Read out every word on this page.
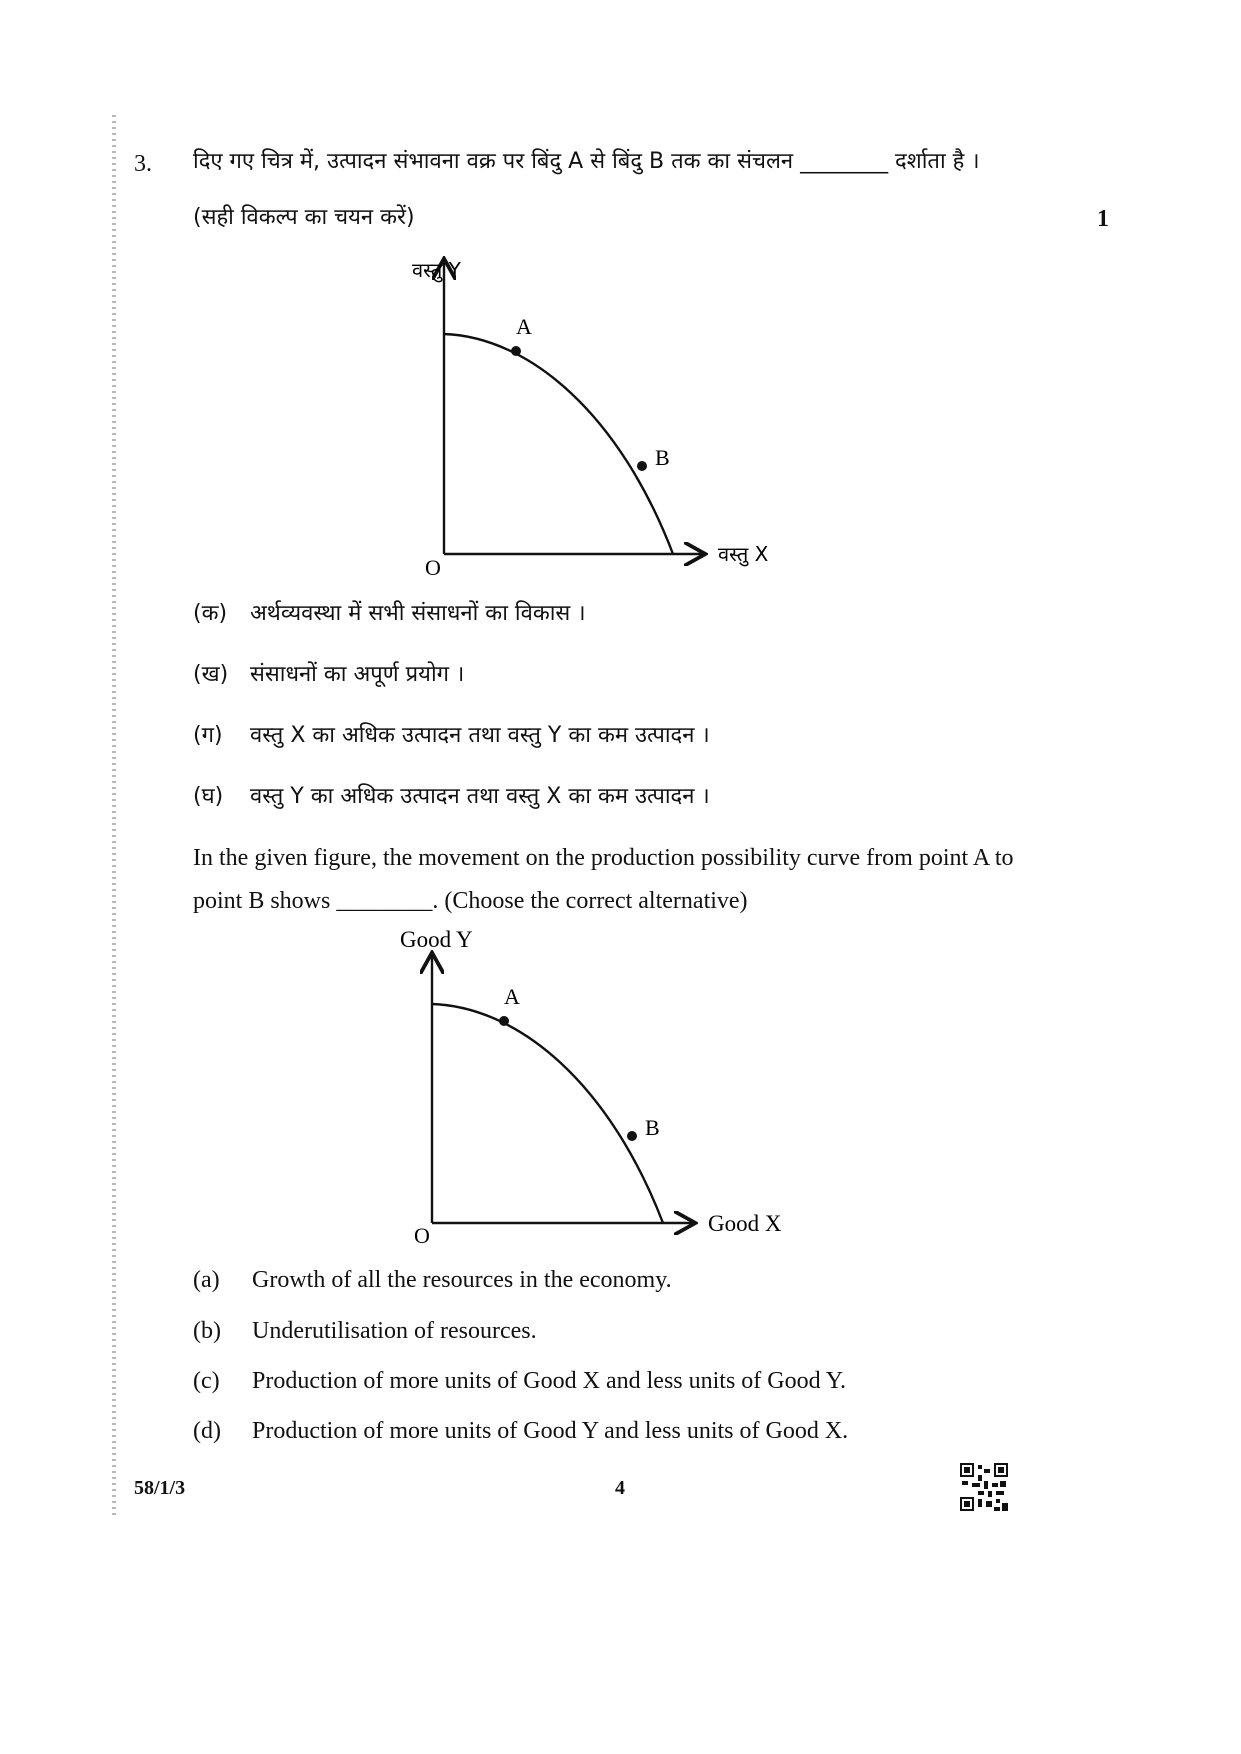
3.
1
दिए गए चित्र में, उत्पादन संभावना वक्र पर बिंदु A से बिंदु B तक का संचलन ________ दर्शाता है ।
(सही विकल्प का चयन करें)
वस्तु Y
वस्तु X
O
A
B
(क) अर्थव्यवस्था में सभी संसाधनों का विकास ।
(ख) संसाधनों का अपूर्ण प्रयोग ।
(ग) वस्तु X का अधिक उत्पादन तथा वस्तु Y का कम उत्पादन ।
(घ) वस्तु Y का अधिक उत्पादन तथा वस्तु X का कम उत्पादन ।
In the given figure, the movement on the production possibility curve from point A to
point B shows ________. (Choose the correct alternative)
Good Y
Good X
O
A
B
(a) Growth of all the resources in the economy.
(b) Underutilisation of resources.
(c) Production of more units of Good X and less units of Good Y.
(d) Production of more units of Good Y and less units of Good X.
58/1/3	4
